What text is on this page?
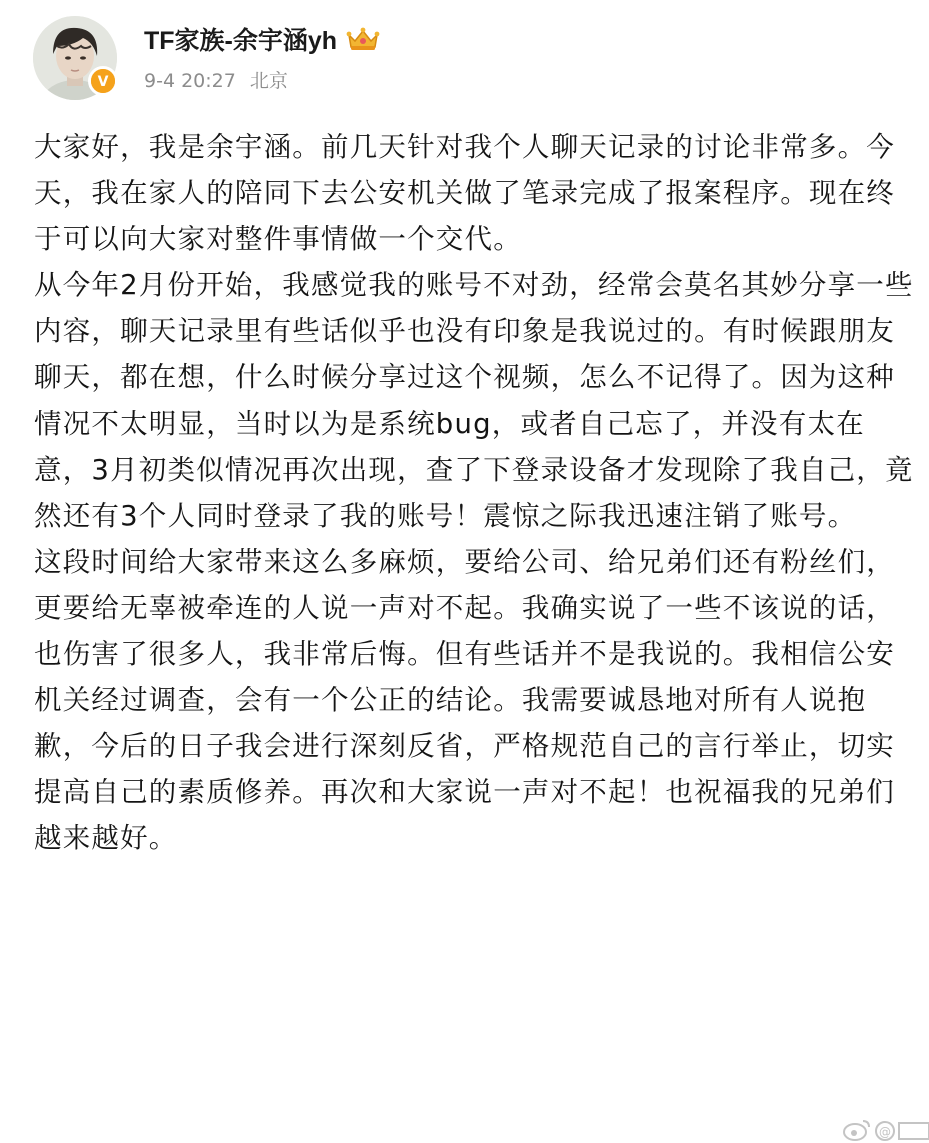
V
TF家族-余宇涵yh
9-4 20:27 北京

大家好，我是余宇涵。前几天针对我个人聊天记录的讨论非常多。今天，我在家人的陪同下去公安机关做了笔录完成了报案程序。现在终于可以向大家对整件事情做一个交代。

从今年2月份开始，我感觉我的账号不对劲，经常会莫名其妙分享一些内容，聊天记录里有些话似乎也没有印象是我说过的。有时候跟朋友聊天，都在想，什么时候分享过这个视频，怎么不记得了。因为这种情况不太明显，当时以为是系统bug，或者自己忘了，并没有太在意，3月初类似情况再次出现，查了下登录设备才发现除了我自己，竟然还有3个人同时登录了我的账号！震惊之际我迅速注销了账号。

这段时间给大家带来这么多麻烦，要给公司、给兄弟们还有粉丝们，更要给无辜被牵连的人说一声对不起。我确实说了一些不该说的话，也伤害了很多人，我非常后悔。但有些话并不是我说的。我相信公安机关经过调查，会有一个公正的结论。我需要诚恳地对所有人说抱歉，今后的日子我会进行深刻反省，严格规范自己的言行举止，切实提高自己的素质修养。再次和大家说一声对不起！也祝福我的兄弟们越来越好。

@
